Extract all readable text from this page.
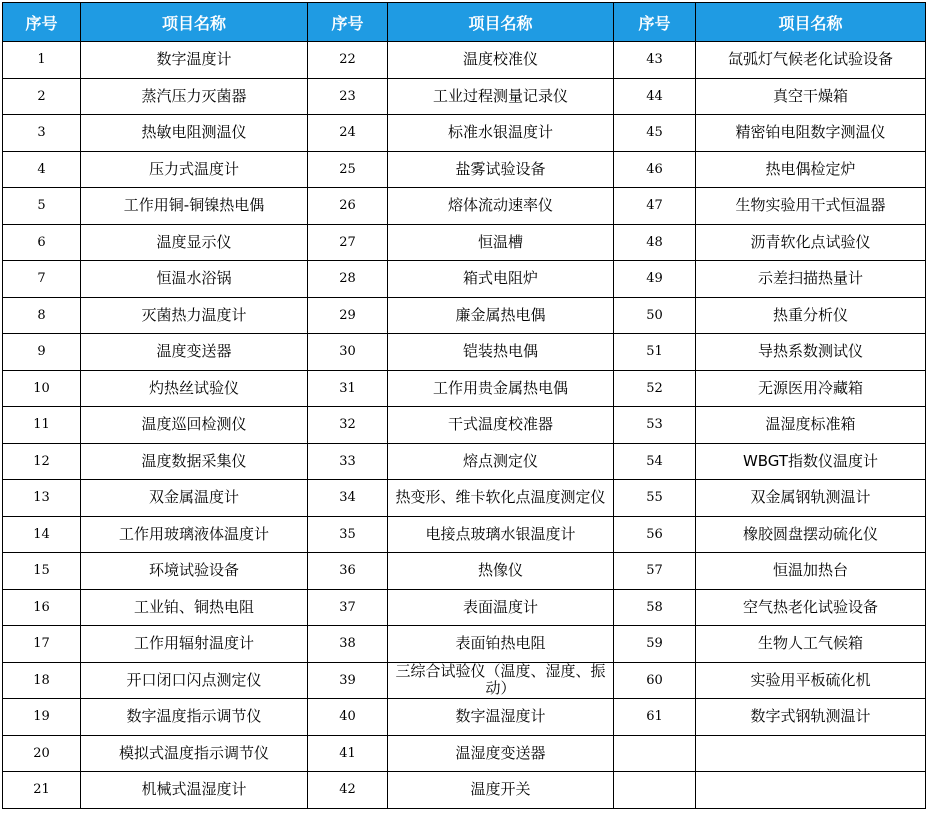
序号	项目名称	序号	项目名称	序号	项目名称
1	数字温度计	22	温度校准仪	43	氙弧灯气候老化试验设备
2	蒸汽压力灭菌器	23	工业过程测量记录仪	44	真空干燥箱
3	热敏电阻测温仪	24	标准水银温度计	45	精密铂电阻数字测温仪
4	压力式温度计	25	盐雾试验设备	46	热电偶检定炉
5	工作用铜-铜镍热电偶	26	熔体流动速率仪	47	生物实验用干式恒温器
6	温度显示仪	27	恒温槽	48	沥青软化点试验仪
7	恒温水浴锅	28	箱式电阻炉	49	示差扫描热量计
8	灭菌热力温度计	29	廉金属热电偶	50	热重分析仪
9	温度变送器	30	铠装热电偶	51	导热系数测试仪
10	灼热丝试验仪	31	工作用贵金属热电偶	52	无源医用冷藏箱
11	温度巡回检测仪	32	干式温度校准器	53	温湿度标准箱
12	温度数据采集仪	33	熔点测定仪	54	WBGT指数仪温度计
13	双金属温度计	34	热变形、维卡软化点温度测定仪	55	双金属钢轨测温计
14	工作用玻璃液体温度计	35	电接点玻璃水银温度计	56	橡胶圆盘摆动硫化仪
15	环境试验设备	36	热像仪	57	恒温加热台
16	工业铂、铜热电阻	37	表面温度计	58	空气热老化试验设备
17	工作用辐射温度计	38	表面铂热电阻	59	生物人工气候箱
18	开口闭口闪点测定仪	39	三综合试验仪（温度、湿度、振动）	60	实验用平板硫化机
19	数字温度指示调节仪	40	数字温湿度计	61	数字式钢轨测温计
20	模拟式温度指示调节仪	41	温湿度变送器		
21	机械式温湿度计	42	温度开关		
